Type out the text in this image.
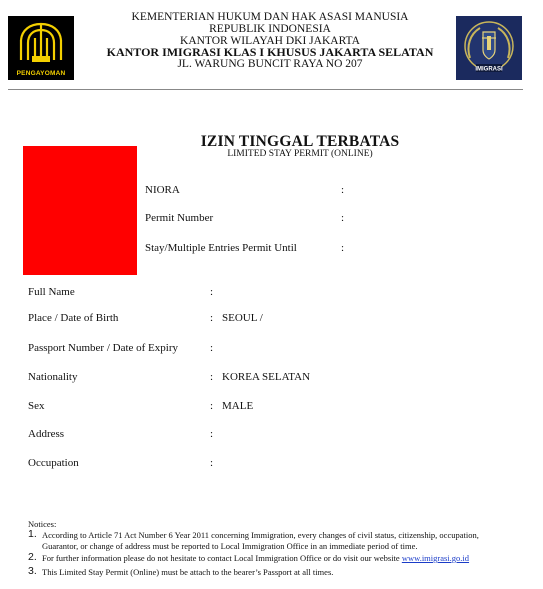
PENGAYOMAN
IMIGRASI
KEMENTERIAN HUKUM DAN HAK ASASI MANUSIA
REPUBLIK INDONESIA
KANTOR WILAYAH DKI JAKARTA
KANTOR IMIGRASI KLAS I KHUSUS JAKARTA SELATAN
JL. WARUNG BUNCIT RAYA NO 207
IZIN TINGGAL TERBATAS
LIMITED STAY PERMIT (ONLINE)
NIORA	:
Permit Number	:
Stay/Multiple Entries Permit Until	:
Full Name	:
Place / Date of Birth	: SEOUL /
Passport Number / Date of Expiry	:
Nationality	: KOREA SELATAN
Sex	: MALE
Address	:
Occupation	:
Notices:
1. According to Article 71 Act Number 6 Year 2011 concerning Immigration, every changes of civil status, citizenship, occupation,
Guarantor, or change of address must be reported to Local Immigration Office in an immediate period of time.
2. For further information please do not hesitate to contact Local Immigration Office or do visit our website www.imigrasi.go.id
3. This Limited Stay Permit (Online) must be attach to the bearer’s Passport at all times.
